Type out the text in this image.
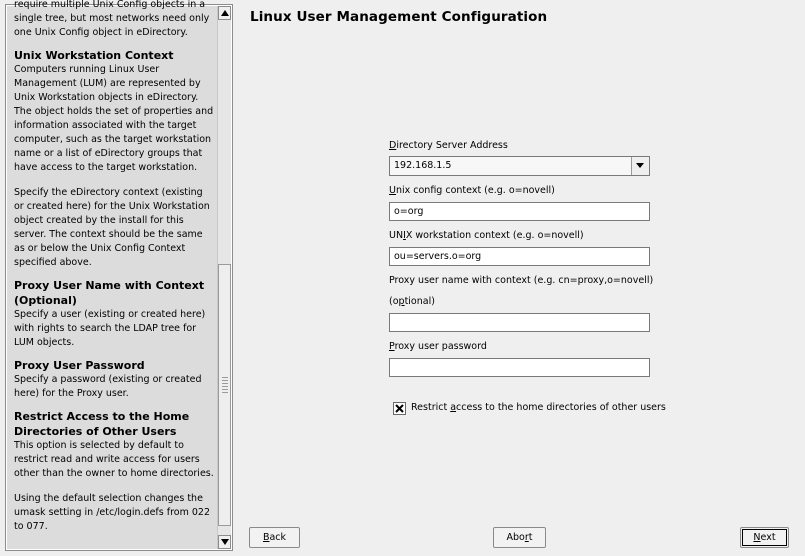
require multiple Unix Config objects in a single tree, but most networks need only one Unix Config object in eDirectory.

Unix Workstation Context

Computers running Linux User Management (LUM) are represented by Unix Workstation objects in eDirectory. The object holds the set of properties and information associated with the target computer, such as the target workstation name or a list of eDirectory groups that have access to the target workstation.

Specify the eDirectory context (existing or created here) for the Unix Workstation object created by the install for this server. The context should be the same as or below the Unix Config Context specified above.

Proxy User Name with Context (Optional)

Specify a user (existing or created here) with rights to search the LDAP tree for LUM objects.

Proxy User Password

Specify a password (existing or created here) for the Proxy user.

Restrict Access to the Home Directories of Other Users

This option is selected by default to restrict read and write access for users other than the owner to home directories.

Using the default selection changes the umask setting in /etc/login.defs from 022 to 077.

Linux User Management Configuration
Directory Server Address
192.168.1.5
Unix config context (e.g. o=novell)
o=org
UNIX workstation context (e.g. o=novell)
ou=servers.o=org
Proxy user name with context (e.g. cn=proxy,o=novell)
(optional)
Proxy user password
Restrict access to the home directories of other users
Back	Abort	Next
